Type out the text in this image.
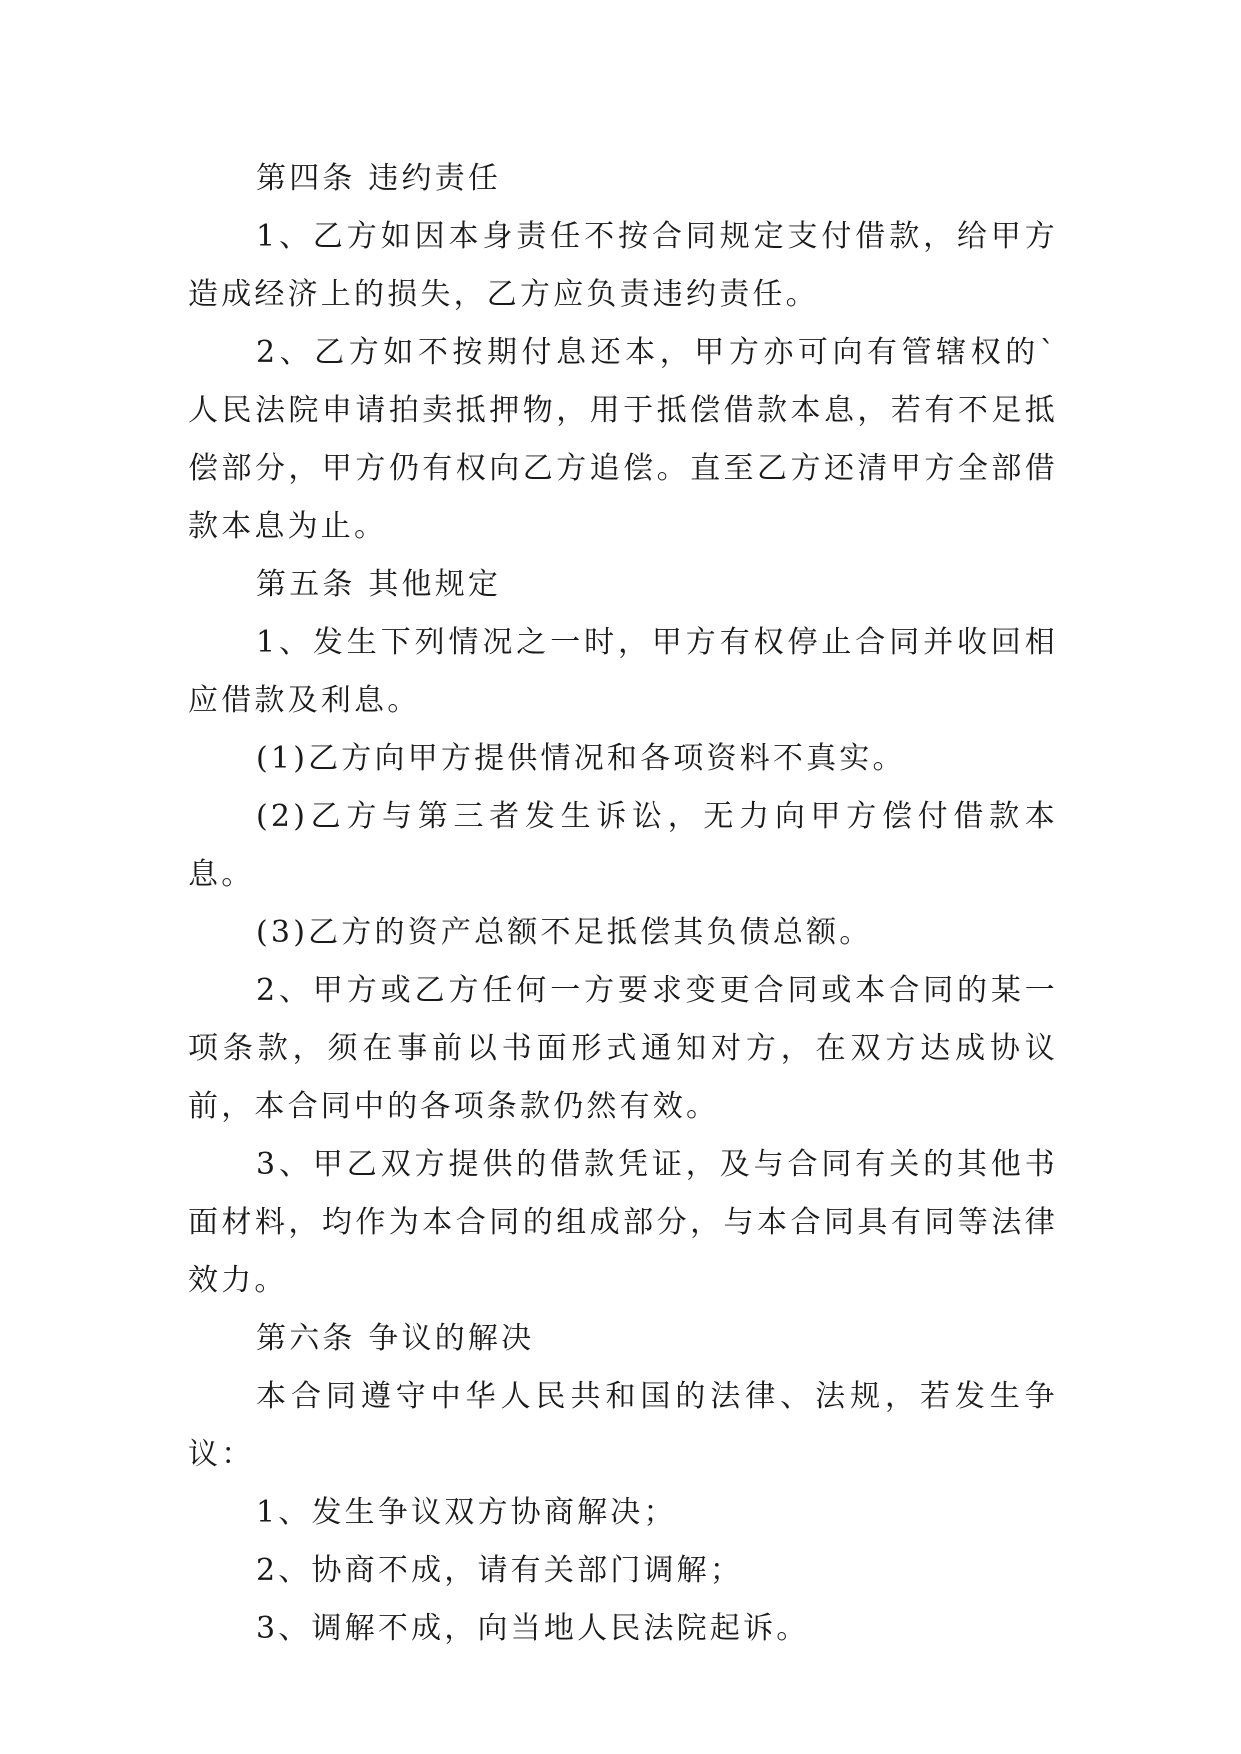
第四条 违约责任

1、乙方如因本身责任不按合同规定支付借款，给甲方造成经济上的损失，乙方应负责违约责任。

2、乙方如不按期付息还本，甲方亦可向有管辖权的`人民法院申请拍卖抵押物，用于抵偿借款本息，若有不足抵偿部分，甲方仍有权向乙方追偿。直至乙方还清甲方全部借款本息为止。

第五条 其他规定

1、发生下列情况之一时，甲方有权停止合同并收回相应借款及利息。

(1)乙方向甲方提供情况和各项资料不真实。

(2)乙方与第三者发生诉讼，无力向甲方偿付借款本息。

(3)乙方的资产总额不足抵偿其负债总额。

2、甲方或乙方任何一方要求变更合同或本合同的某一项条款，须在事前以书面形式通知对方，在双方达成协议前，本合同中的各项条款仍然有效。

3、甲乙双方提供的借款凭证，及与合同有关的其他书面材料，均作为本合同的组成部分，与本合同具有同等法律效力。

第六条 争议的解决

本合同遵守中华人民共和国的法律、法规，若发生争议：

1、发生争议双方协商解决；

2、协商不成，请有关部门调解；

3、调解不成，向当地人民法院起诉。
